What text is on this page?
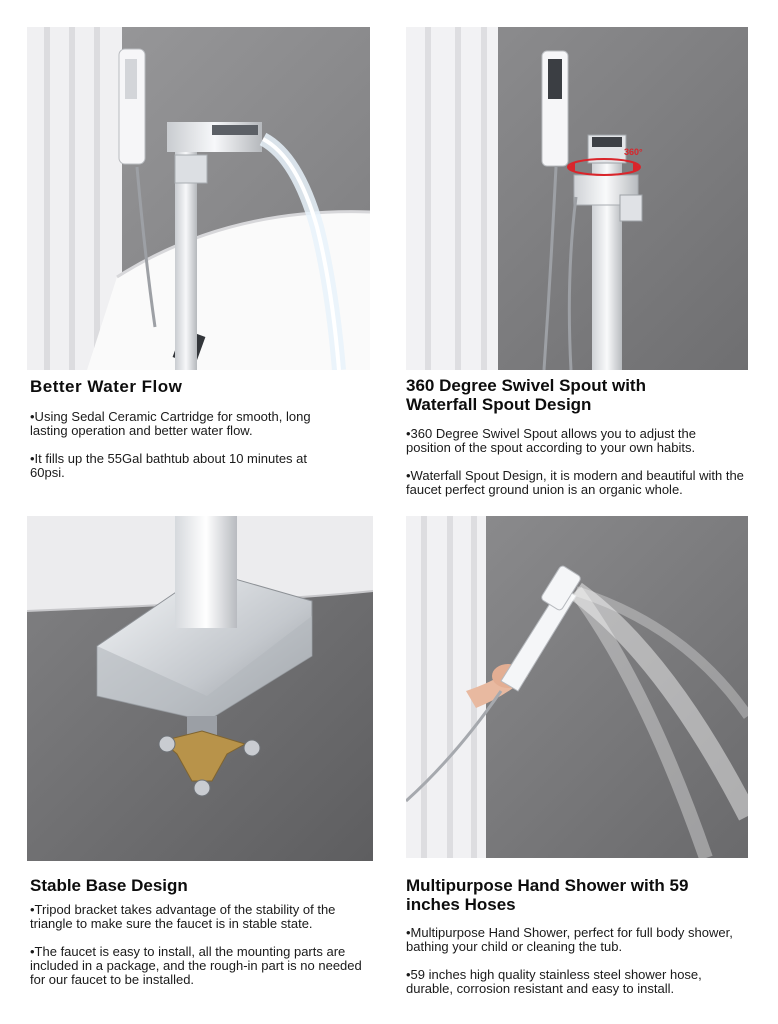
360°
Better Water Flow

•Using Sedal Ceramic Cartridge for smooth, long lasting operation and better water flow.

•It fills up the 55Gal bathtub about 10 minutes at 60psi.

360 Degree Swivel Spout with Waterfall Spout Design

•360 Degree Swivel Spout allows you to adjust the position of the spout according to your own habits.

•Waterfall Spout Design, it is modern and beautiful with the faucet perfect ground union is an organic whole.

Stable Base Design

•Tripod bracket takes advantage of the stability of the triangle to make sure the faucet is in stable state.

•The faucet is easy to install, all the mounting parts are included in a package, and the rough-in part is no needed for our faucet to be installed.

Multipurpose Hand Shower with 59 inches Hoses

•Multipurpose Hand Shower, perfect for full body shower, bathing your child or cleaning the tub.

•59 inches high quality stainless steel shower hose, durable, corrosion resistant and easy to install.
